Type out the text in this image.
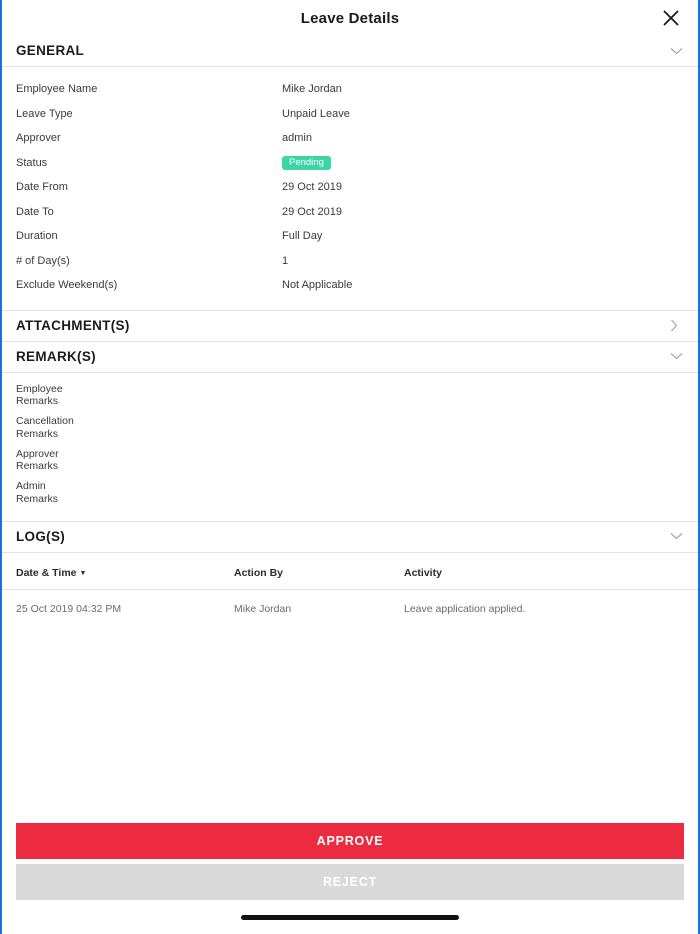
Leave Details
GENERAL
Employee Name	Mike Jordan
Leave Type	Unpaid Leave
Approver	admin
Status	Pending
Date From	29 Oct 2019
Date To	29 Oct 2019
Duration	Full Day
# of Day(s)	1
Exclude Weekend(s)	Not Applicable
ATTACHMENT(S)
REMARK(S)
Employee Remarks
Cancellation Remarks
Approver Remarks
Admin Remarks
LOG(S)
Date & Time ▼	Action By	Activity
25 Oct 2019 04:32 PM	Mike Jordan	Leave application applied.
APPROVE
REJECT
